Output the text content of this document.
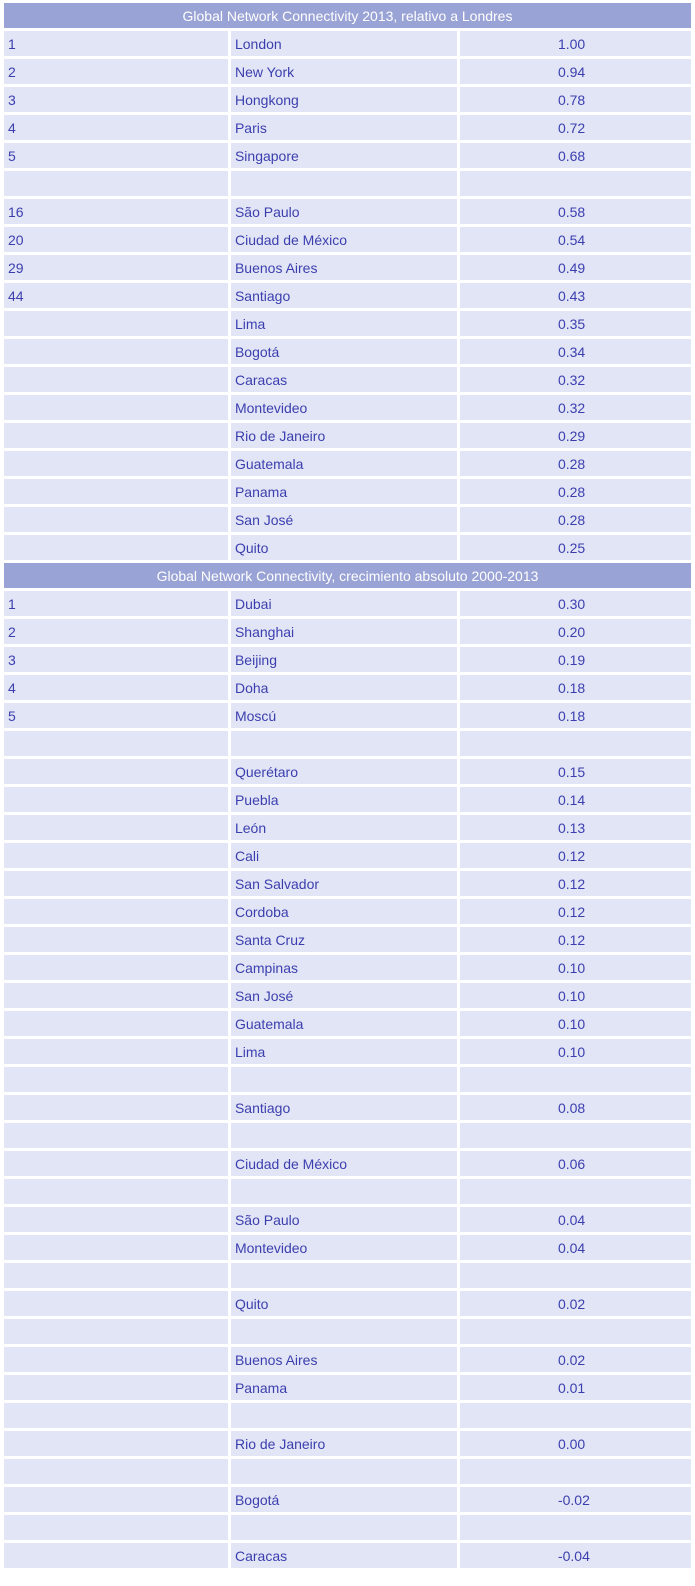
Global Network Connectivity 2013, relativo a Londres		
1	London	1.00
2	New York	0.94
3	Hongkong	0.78
4	Paris	0.72
5	Singapore	0.68

16	São Paulo	0.58
20	Ciudad de México	0.54
29	Buenos Aires	0.49
44	Santiago	0.43
	Lima	0.35
	Bogotá	0.34
	Caracas	0.32
	Montevideo	0.32
	Rio de Janeiro	0.29
	Guatemala	0.28
	Panama	0.28
	San José	0.28
	Quito	0.25
Global Network Connectivity, crecimiento absoluto 2000-2013		
1	Dubai	0.30
2	Shanghai	0.20
3	Beijing	0.19
4	Doha	0.18
5	Moscú	0.18

	Querétaro	0.15
	Puebla	0.14
	León	0.13
	Cali	0.12
	San Salvador	0.12
	Cordoba	0.12
	Santa Cruz	0.12
	Campinas	0.10
	San José	0.10
	Guatemala	0.10
	Lima	0.10

	Santiago	0.08

	Ciudad de México	0.06

	São Paulo	0.04
	Montevideo	0.04

	Quito	0.02

	Buenos Aires	0.02
	Panama	0.01

	Rio de Janeiro	0.00

	Bogotá	-0.02

	Caracas	-0.04
